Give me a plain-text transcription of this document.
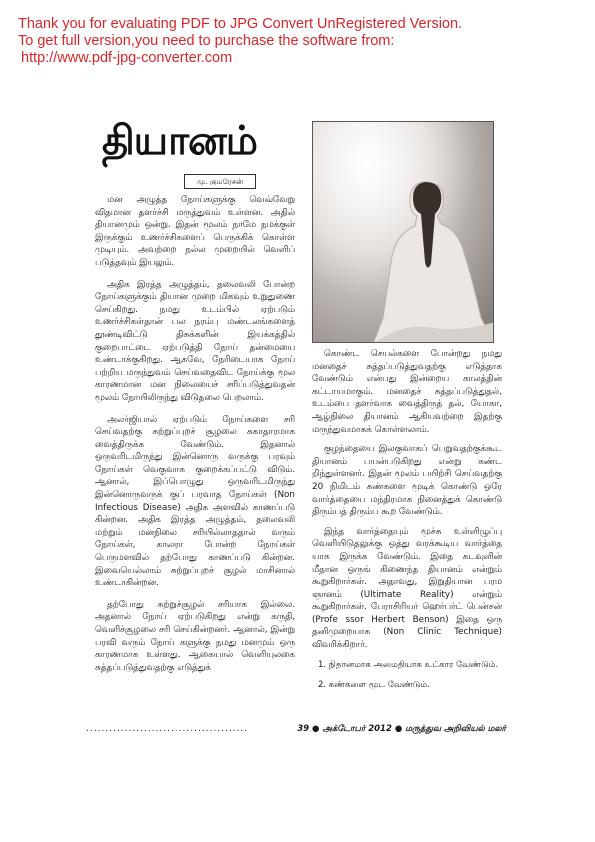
Thank you for evaluating PDF to JPG Convert UnRegistered Version.
To get full version,you need to purchase the software from:
http://www.pdf-jpg-converter.com
தியானம்
மு. குமரேசன்

மன அழுத்த நோய்களுக்கு வெவ்வேறு விதமான தளர்ச்சி மருத்துவம் உள்ளன. அதில் தியானமும் ஒன்று. இதன் மூலம் நாமே நமக்குள் இருக்கும் உணர்ச்சிகளைப் பெருக்கிக் கொள்ள முடியும். அவற்றை நல்ல முறையில் வெளிப் படுத்தவும் இயலும்.

அதிக இரத்த அழுத்தம், தலைவலி போன்ற நோய்களுக்கும் தியான முறை மிகவும் உறுதுணை செய்கிறது. நமது உடம்பில் ஏற்படும் உணர்ச்சிகள்தான் பல நரம்பு மண்டலங்களைத் தூண்டிவிட்டு திசுக்களின் இயக்கத்தில் குறைபாட்டை ஏற்படுத்தி நோய் தன்மையை உண்டாக்குகிறது. ஆகவே, நேரிடையாக நோய் பற்றிய மருந்துவம் செய்வதைவிட நோய்க்கு மூல காரணமான மன நிலையைச் சரிப்படுத்துவதன் மூலம் நோயிலிருந்து விடுதலை பெறலாம்.

அலர்ஜியால் ஏற்படும் நோய்களை சரி செய்வதற்கு சுற்றுப்புறச் சூழலை சுகாதாரமாக வைத்திருக்க வேண்டும். இதனால் ஒருவரிடமிருந்து இன்னொரு வருக்கு பரவும் நோய்கள் வெகுவாக குறைக்கப்பட்டு விடும். ஆனால், இப்பொழுது ஒருவரிடமிருந்து இன்னொருவருக் குப் பரவாத நோய்கள் (Non Infectious Disease) அதிக அளவில் காணப்படு கின்றன. அதிக இரத்த அழுத்தம், தலைவலி மற்றும் மனநிலை சரியில்லாததால் வரும் நோய்கள், காலரா போன்ற நோய்கள் பெருமளவில் தற்போது காணப்படு கின்றன. இவையெல்லாம் சுற்றுப்புறச் சூழல் மாசினால் உண்டாகின்றன.

தற்போது சுற்றுச்சூழல் சரியாக இல்லை. அதனால் நோய் ஏற்படுகிறது என்று கருதி, வெளிச்சூழலை சரி செய்கின்றனர். ஆனால், இன்று பரவி வரும் நோய் களுக்கு நமது மனமும் ஒரு காரணமாக உள்ளது. ஆகையால் வெளியுலகை சுத்தப்படுத்துவதற்கு எடுத்துக்

கொண்ட செயல்களை போன்றது நமது மனதைச் சுத்தப்படுத்துவதற்கு எடுத்தாக வேண்டும் என்பது இன்றைய காலத்தின் கட்டாயமாகும். மனதைச் சுத்தப்படுத்துதல், உடம்பை தளர்வாக வைத்திருத் தல், யோகா, ஆழ்நிலை தியானம் ஆகியவற்றை இதற்கு மருந்துவமாகக் கொள்ளலாம்.

குழந்தையை இலகுவாகப் பெறுவதற்குக்கூட தியானம் பயன்படுகிறது என்று கண்ட றிந்துள்ளனர். இதன் மூலம் பயிற்சி செய்வதற்கு 20 நிமிடம் கண்களை மூடிக் கொண்டு ஒரே வார்த்தையை மந்திரமாக நினைத்துக் கொண்டு திரும்பத் திரும்ப கூற வேண்டும்.

இந்த வார்த்தையும் மூச்சு உள்ளிழுப்பு வெளியிடுதலுக்கு ஒத்து வரக்கூடிய வார்த்தை யாக இருக்க வேண்டும். இதை கடவுளின் மீதான ஒருங் கிணைந்த தியானம் என்றும் கூறுகிறார்கள். அதாவது, இறுதியான பரம ஞானம் (Ultimate Reality) என்றும் கூறுகிறார்கள். பேராசிரியர் ஹெர்பர்ட் பென்சன் (Profe ssor Herbert Benson) இதை ஒரு தனிமுறையாக (Non Clinic Technique) விவரிக்கிறார்.

1. நிதானமாக அமைதியாக உட்கார வேண்டும்.
2. கண்களை மூட வேண்டும்.
..........................................	39 ● அக்டோபர் 2012 ● மருத்துவ அறிவியல் மலர்
